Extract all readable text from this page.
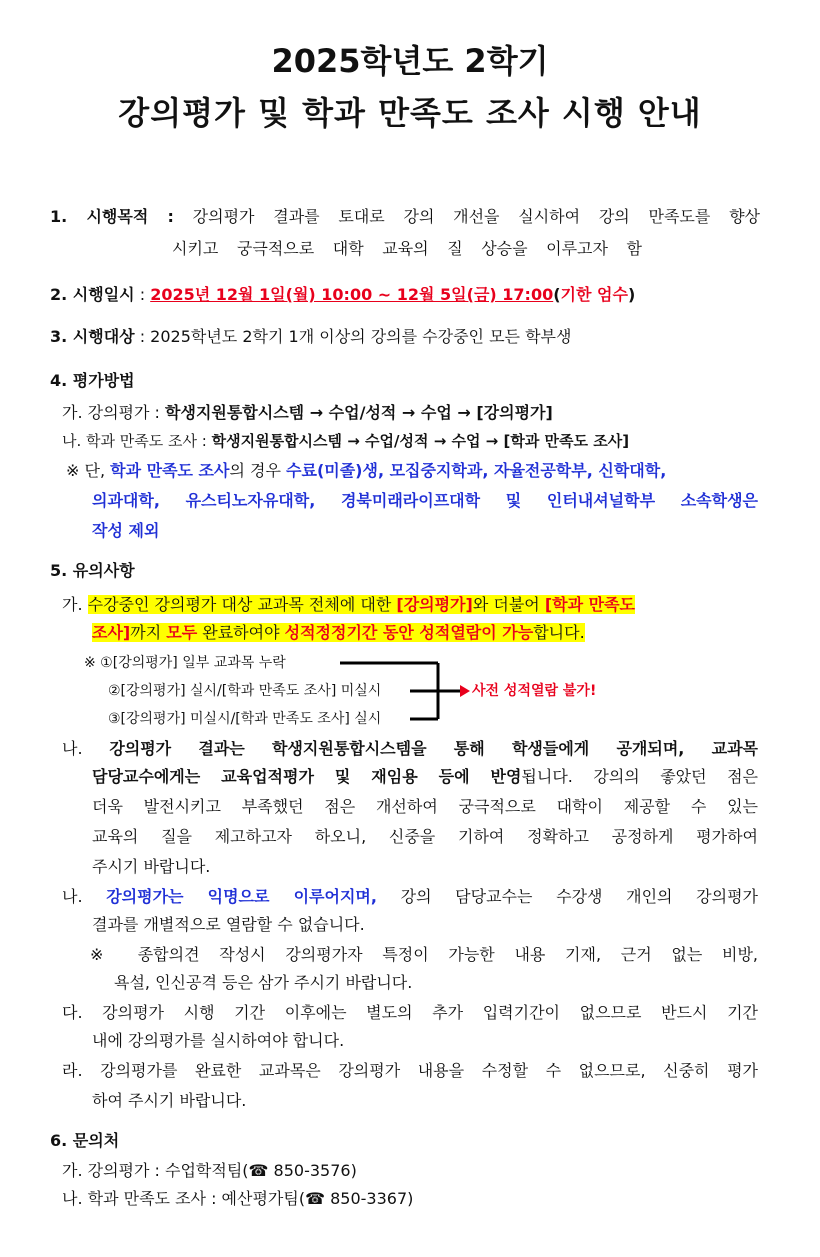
2025학년도 2학기
강의평가 및 학과 만족도 조사 시행 안내
1. 시행목적 : 강의평가 결과를 토대로 강의 개선을 실시하여 강의 만족도를 향상
시키고 궁극적으로 대학 교육의 질 상승을 이루고자 함
2. 시행일시 : 2025년 12월 1일(월) 10:00 ~ 12월 5일(금) 17:00(기한 엄수)
3. 시행대상 : 2025학년도 2학기 1개 이상의 강의를 수강중인 모든 학부생
4. 평가방법
가. 강의평가 : 학생지원통합시스템 → 수업/성적 → 수업 → [강의평가]
나. 학과 만족도 조사 : 학생지원통합시스템 → 수업/성적 → 수업 → [학과 만족도 조사]
※ 단, 학과 만족도 조사의 경우 수료(미졸)생, 모집중지학과, 자율전공학부, 신학대학,
의과대학, 유스티노자유대학, 경북미래라이프대학 및 인터내셔널학부 소속학생은
작성 제외
5. 유의사항
가. 수강중인 강의평가 대상 교과목 전체에 대한 [강의평가]와 더불어 [학과 만족도
조사]까지 모두 완료하여야 성적정정기간 동안 성적열람이 가능합니다.
※ ①[강의평가] 일부 교과목 누락
②[강의평가] 실시/[학과 만족도 조사] 미실시
③[강의평가] 미실시/[학과 만족도 조사] 실시
사전 성적열람 불가!
나. 강의평가 결과는 학생지원통합시스템을 통해 학생들에게 공개되며, 교과목
담당교수에게는 교육업적평가 및 재임용 등에 반영됩니다. 강의의 좋았던 점은
더욱 발전시키고 부족했던 점은 개선하여 궁극적으로 대학이 제공할 수 있는
교육의 질을 제고하고자 하오니, 신중을 기하여 정확하고 공정하게 평가하여
주시기 바랍니다.
나. 강의평가는 익명으로 이루어지며, 강의 담당교수는 수강생 개인의 강의평가
결과를 개별적으로 열람할 수 없습니다.
※ 종합의견 작성시 강의평가자 특정이 가능한 내용 기재, 근거 없는 비방,
욕설, 인신공격 등은 삼가 주시기 바랍니다.
다. 강의평가 시행 기간 이후에는 별도의 추가 입력기간이 없으므로 반드시 기간
내에 강의평가를 실시하여야 합니다.
라. 강의평가를 완료한 교과목은 강의평가 내용을 수정할 수 없으므로, 신중히 평가
하여 주시기 바랍니다.
6. 문의처
가. 강의평가 : 수업학적팀(☎ 850-3576)
나. 학과 만족도 조사 : 예산평가팀(☎ 850-3367)
